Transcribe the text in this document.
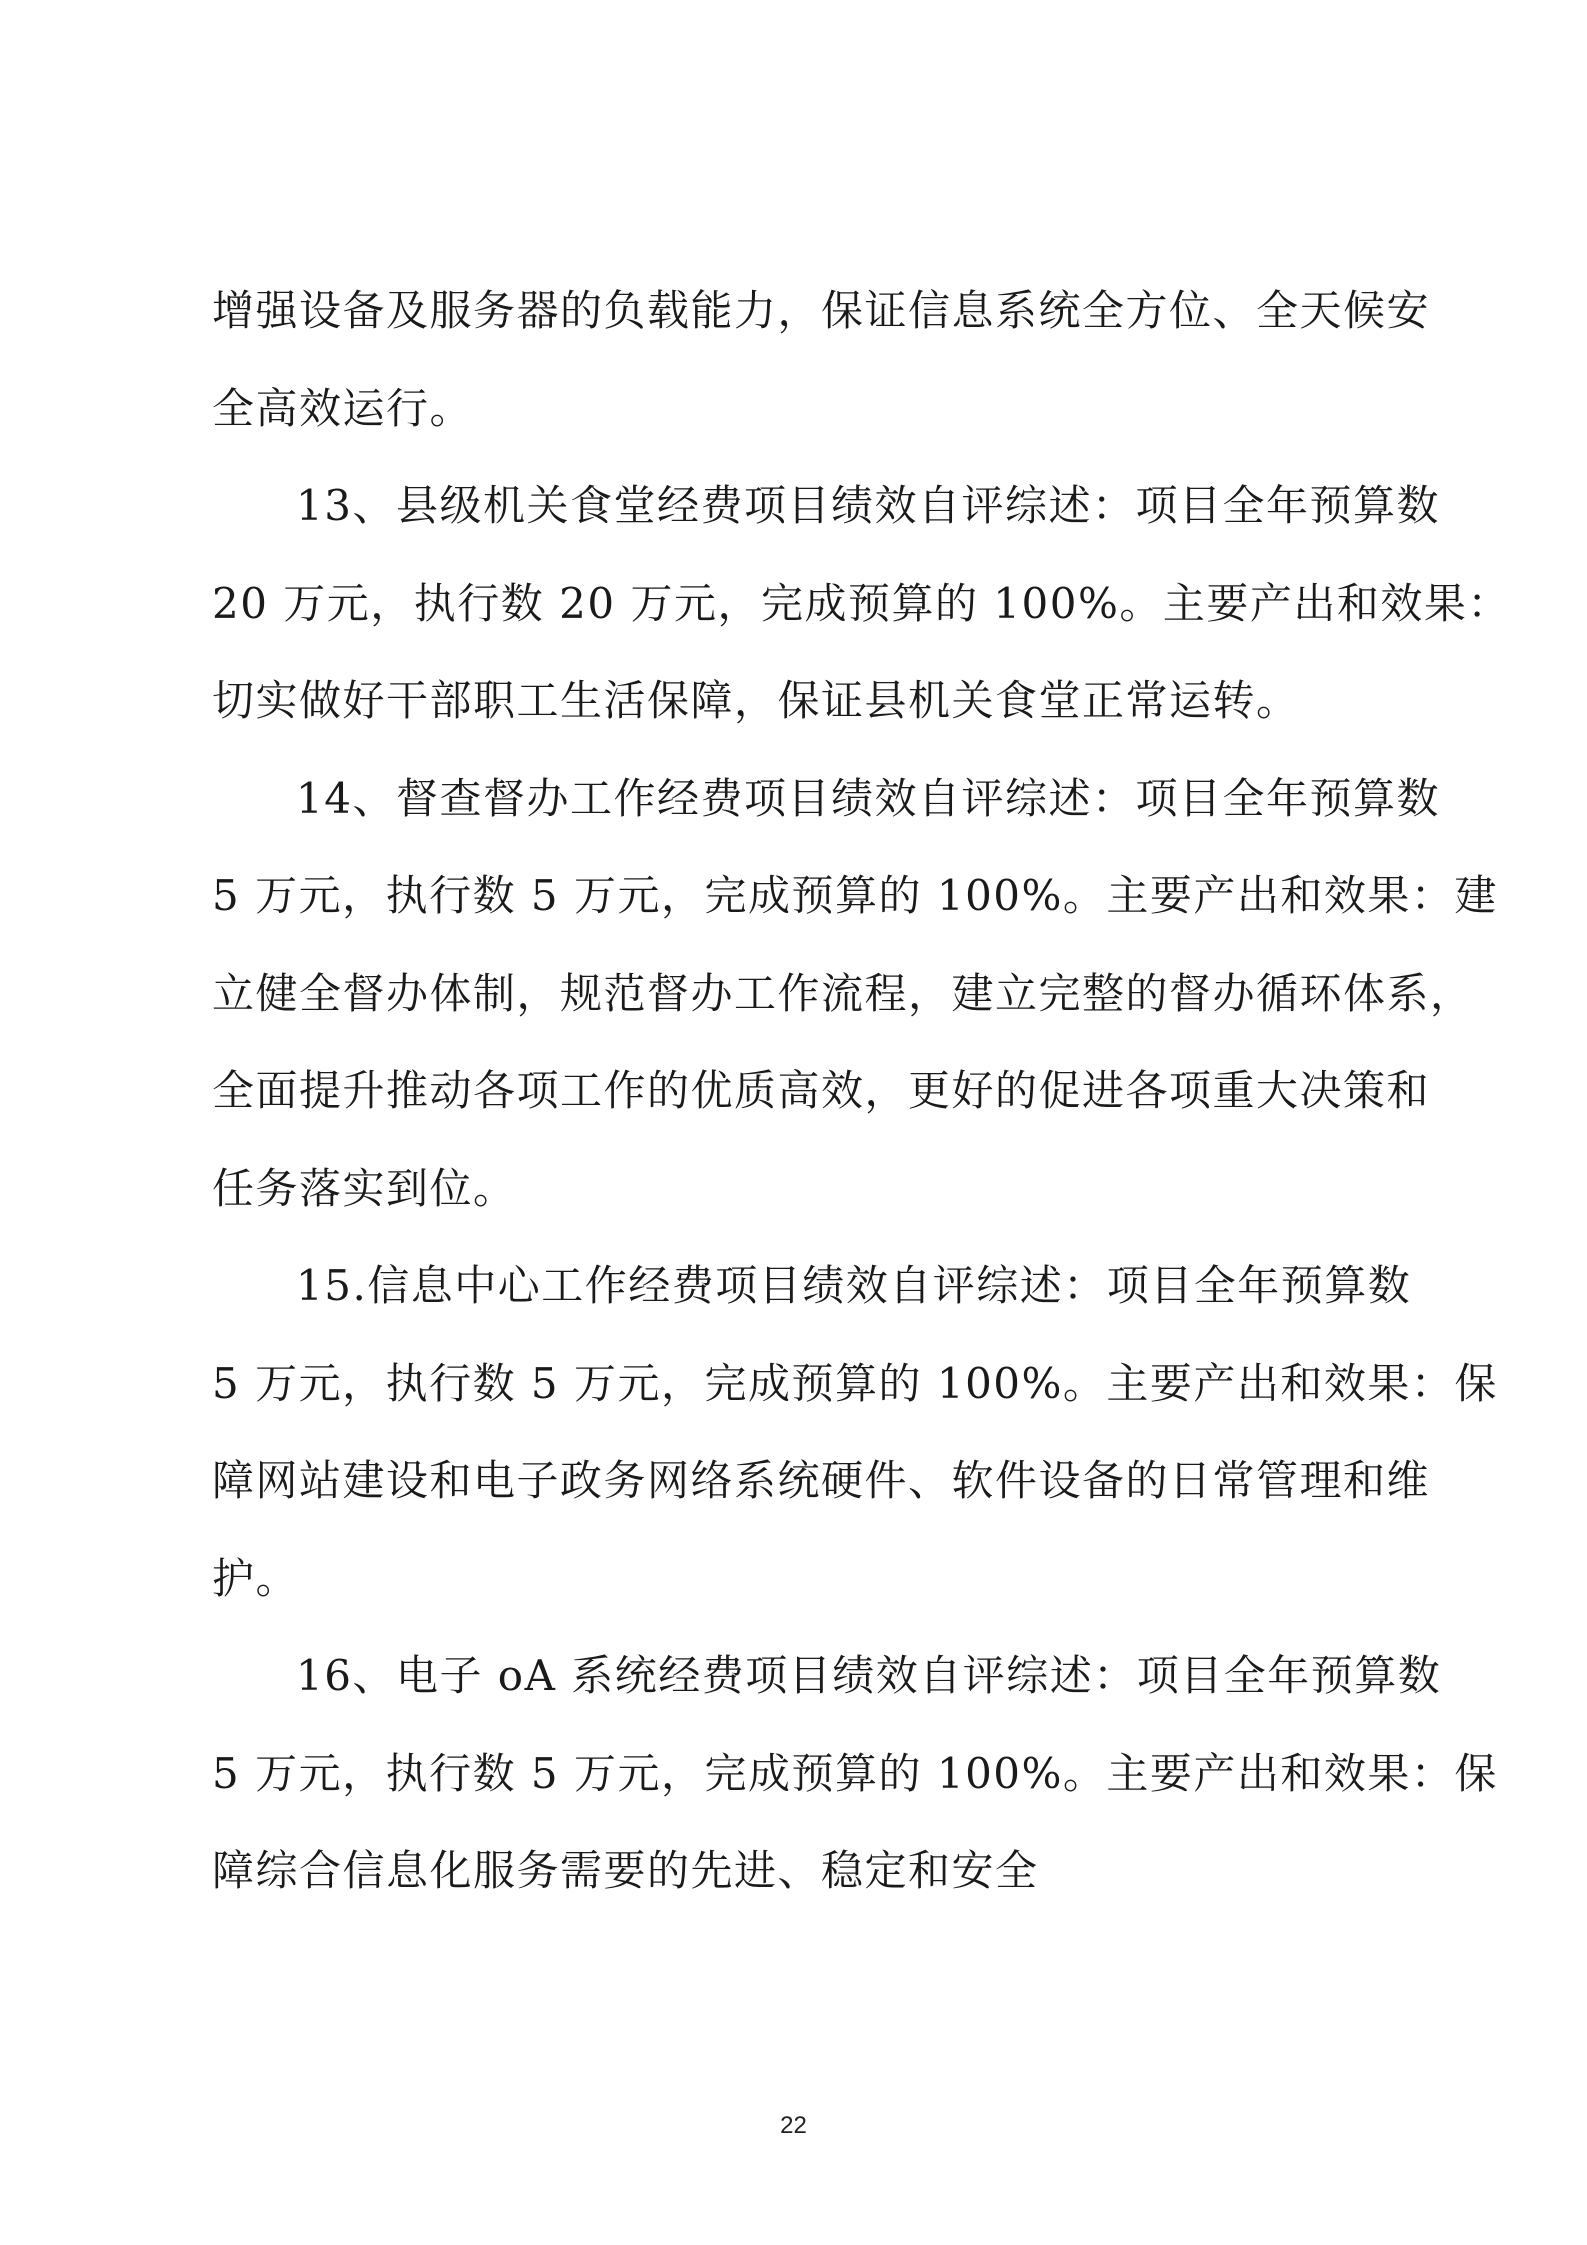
增强设备及服务器的负载能力，保证信息系统全方位、全天候安
全高效运行。
13、县级机关食堂经费项目绩效自评综述：项目全年预算数
20 万元，执行数 20 万元，完成预算的 100%。主要产出和效果：
切实做好干部职工生活保障，保证县机关食堂正常运转。
14、督查督办工作经费项目绩效自评综述：项目全年预算数
5 万元，执行数 5 万元，完成预算的 100%。主要产出和效果：建
立健全督办体制，规范督办工作流程，建立完整的督办循环体系，
全面提升推动各项工作的优质高效，更好的促进各项重大决策和
任务落实到位。
15.信息中心工作经费项目绩效自评综述：项目全年预算数
5 万元，执行数 5 万元，完成预算的 100%。主要产出和效果：保
障网站建设和电子政务网络系统硬件、软件设备的日常管理和维
护。
16、电子 oA 系统经费项目绩效自评综述：项目全年预算数
5 万元，执行数 5 万元，完成预算的 100%。主要产出和效果：保
障综合信息化服务需要的先进、稳定和安全
22
